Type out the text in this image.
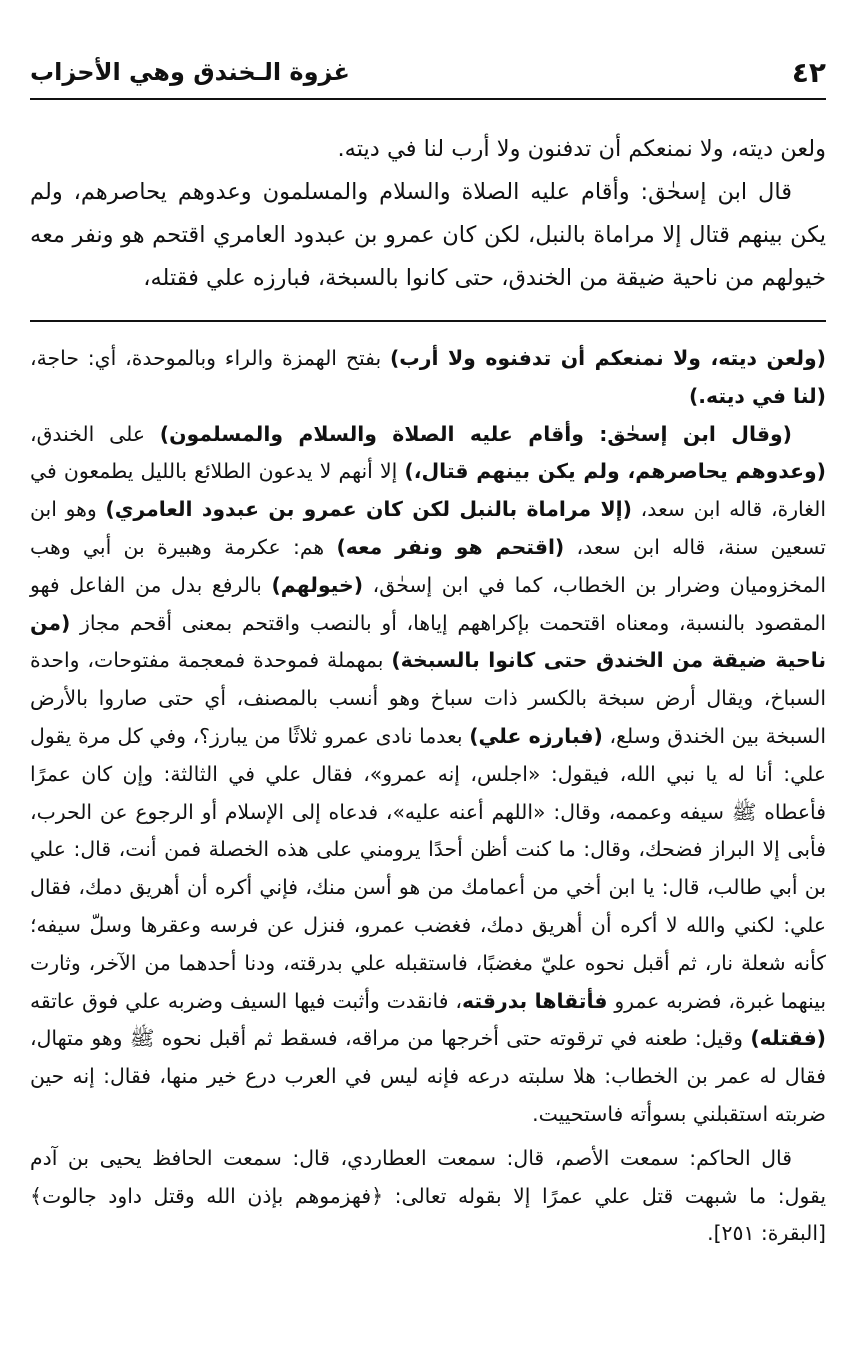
٤٢
غزوة الـخندق وهي الأحزاب

ولعن ديته، ولا نمنعكم أن تدفنون ولا أرب لنا في ديته.

قال ابن إسحٰق: وأقام عليه الصلاة والسلام والمسلمون وعدوهم يحاصرهم، ولم يكن بينهم قتال إلا مراماة بالنبل، لكن كان عمرو بن عبدود العامري اقتحم هو ونفر معه خيولهم من ناحية ضيقة من الخندق، حتى كانوا بالسبخة، فبارزه علي فقتله،

(ولعن ديته، ولا نمنعكم أن تدفنوه ولا أرب) بفتح الهمزة والراء وبالموحدة، أي: حاجة، (لنا في ديته.)

(وقال ابن إسحٰق: وأقام عليه الصلاة والسلام والمسلمون) على الخندق، (وعدوهم يحاصرهم، ولم يكن بينهم قتال،) إلا أنهم لا يدعون الطلائع بالليل يطمعون في الغارة، قاله ابن سعد، (إلا مراماة بالنبل لكن كان عمرو بن عبدود العامري) وهو ابن تسعين سنة، قاله ابن سعد، (اقتحم هو ونفر معه) هم: عكرمة وهبيرة بن أبي وهب المخزوميان وضرار بن الخطاب، كما في ابن إسحٰق، (خيولهم) بالرفع بدل من الفاعل فهو المقصود بالنسبة، ومعناه اقتحمت بإكراههم إياها، أو بالنصب واقتحم بمعنى أقحم مجاز (من ناحية ضيقة من الخندق حتى كانوا بالسبخة) بمهملة فموحدة فمعجمة مفتوحات، واحدة السباخ، ويقال أرض سبخة بالكسر ذات سباخ وهو أنسب بالمصنف، أي حتى صاروا بالأرض السبخة بين الخندق وسلع، (فبارزه علي) بعدما نادى عمرو ثلاثًا من يبارز؟، وفي كل مرة يقول علي: أنا له يا نبي الله، فيقول: «اجلس، إنه عمرو»، فقال علي في الثالثة: وإن كان عمرًا فأعطاه ﷺ سيفه وعممه، وقال: «اللهم أعنه عليه»، فدعاه إلى الإسلام أو الرجوع عن الحرب، فأبى إلا البراز فضحك، وقال: ما كنت أظن أحدًا يرومني على هذه الخصلة فمن أنت، قال: علي بن أبي طالب، قال: يا ابن أخي من أعمامك من هو أسن منك، فإني أكره أن أهريق دمك، فقال علي: لكني والله لا أكره أن أهريق دمك، فغضب عمرو، فنزل عن فرسه وعقرها وسلّ سيفه؛ كأنه شعلة نار، ثم أقبل نحوه عليّ مغضبًا، فاستقبله علي بدرقته، ودنا أحدهما من الآخر، وثارت بينهما غبرة، فضربه عمرو فأتقاها بدرقته، فانقدت وأثبت فيها السيف وضربه علي فوق عاتقه (فقتله) وقيل: طعنه في ترقوته حتى أخرجها من مراقه، فسقط ثم أقبل نحوه ﷺ وهو متهال، فقال له عمر بن الخطاب: هلا سلبته درعه فإنه ليس في العرب درع خير منها، فقال: إنه حين ضربته استقبلني بسوأته فاستحييت.

قال الحاكم: سمعت الأصم، قال: سمعت العطاردي، قال: سمعت الحافظ يحيى بن آدم يقول: ما شبهت قتل علي عمرًا إلا بقوله تعالى: ﴿فهزموهم بإذن الله وقتل داود جالوت﴾ [البقرة: ٢٥١].
